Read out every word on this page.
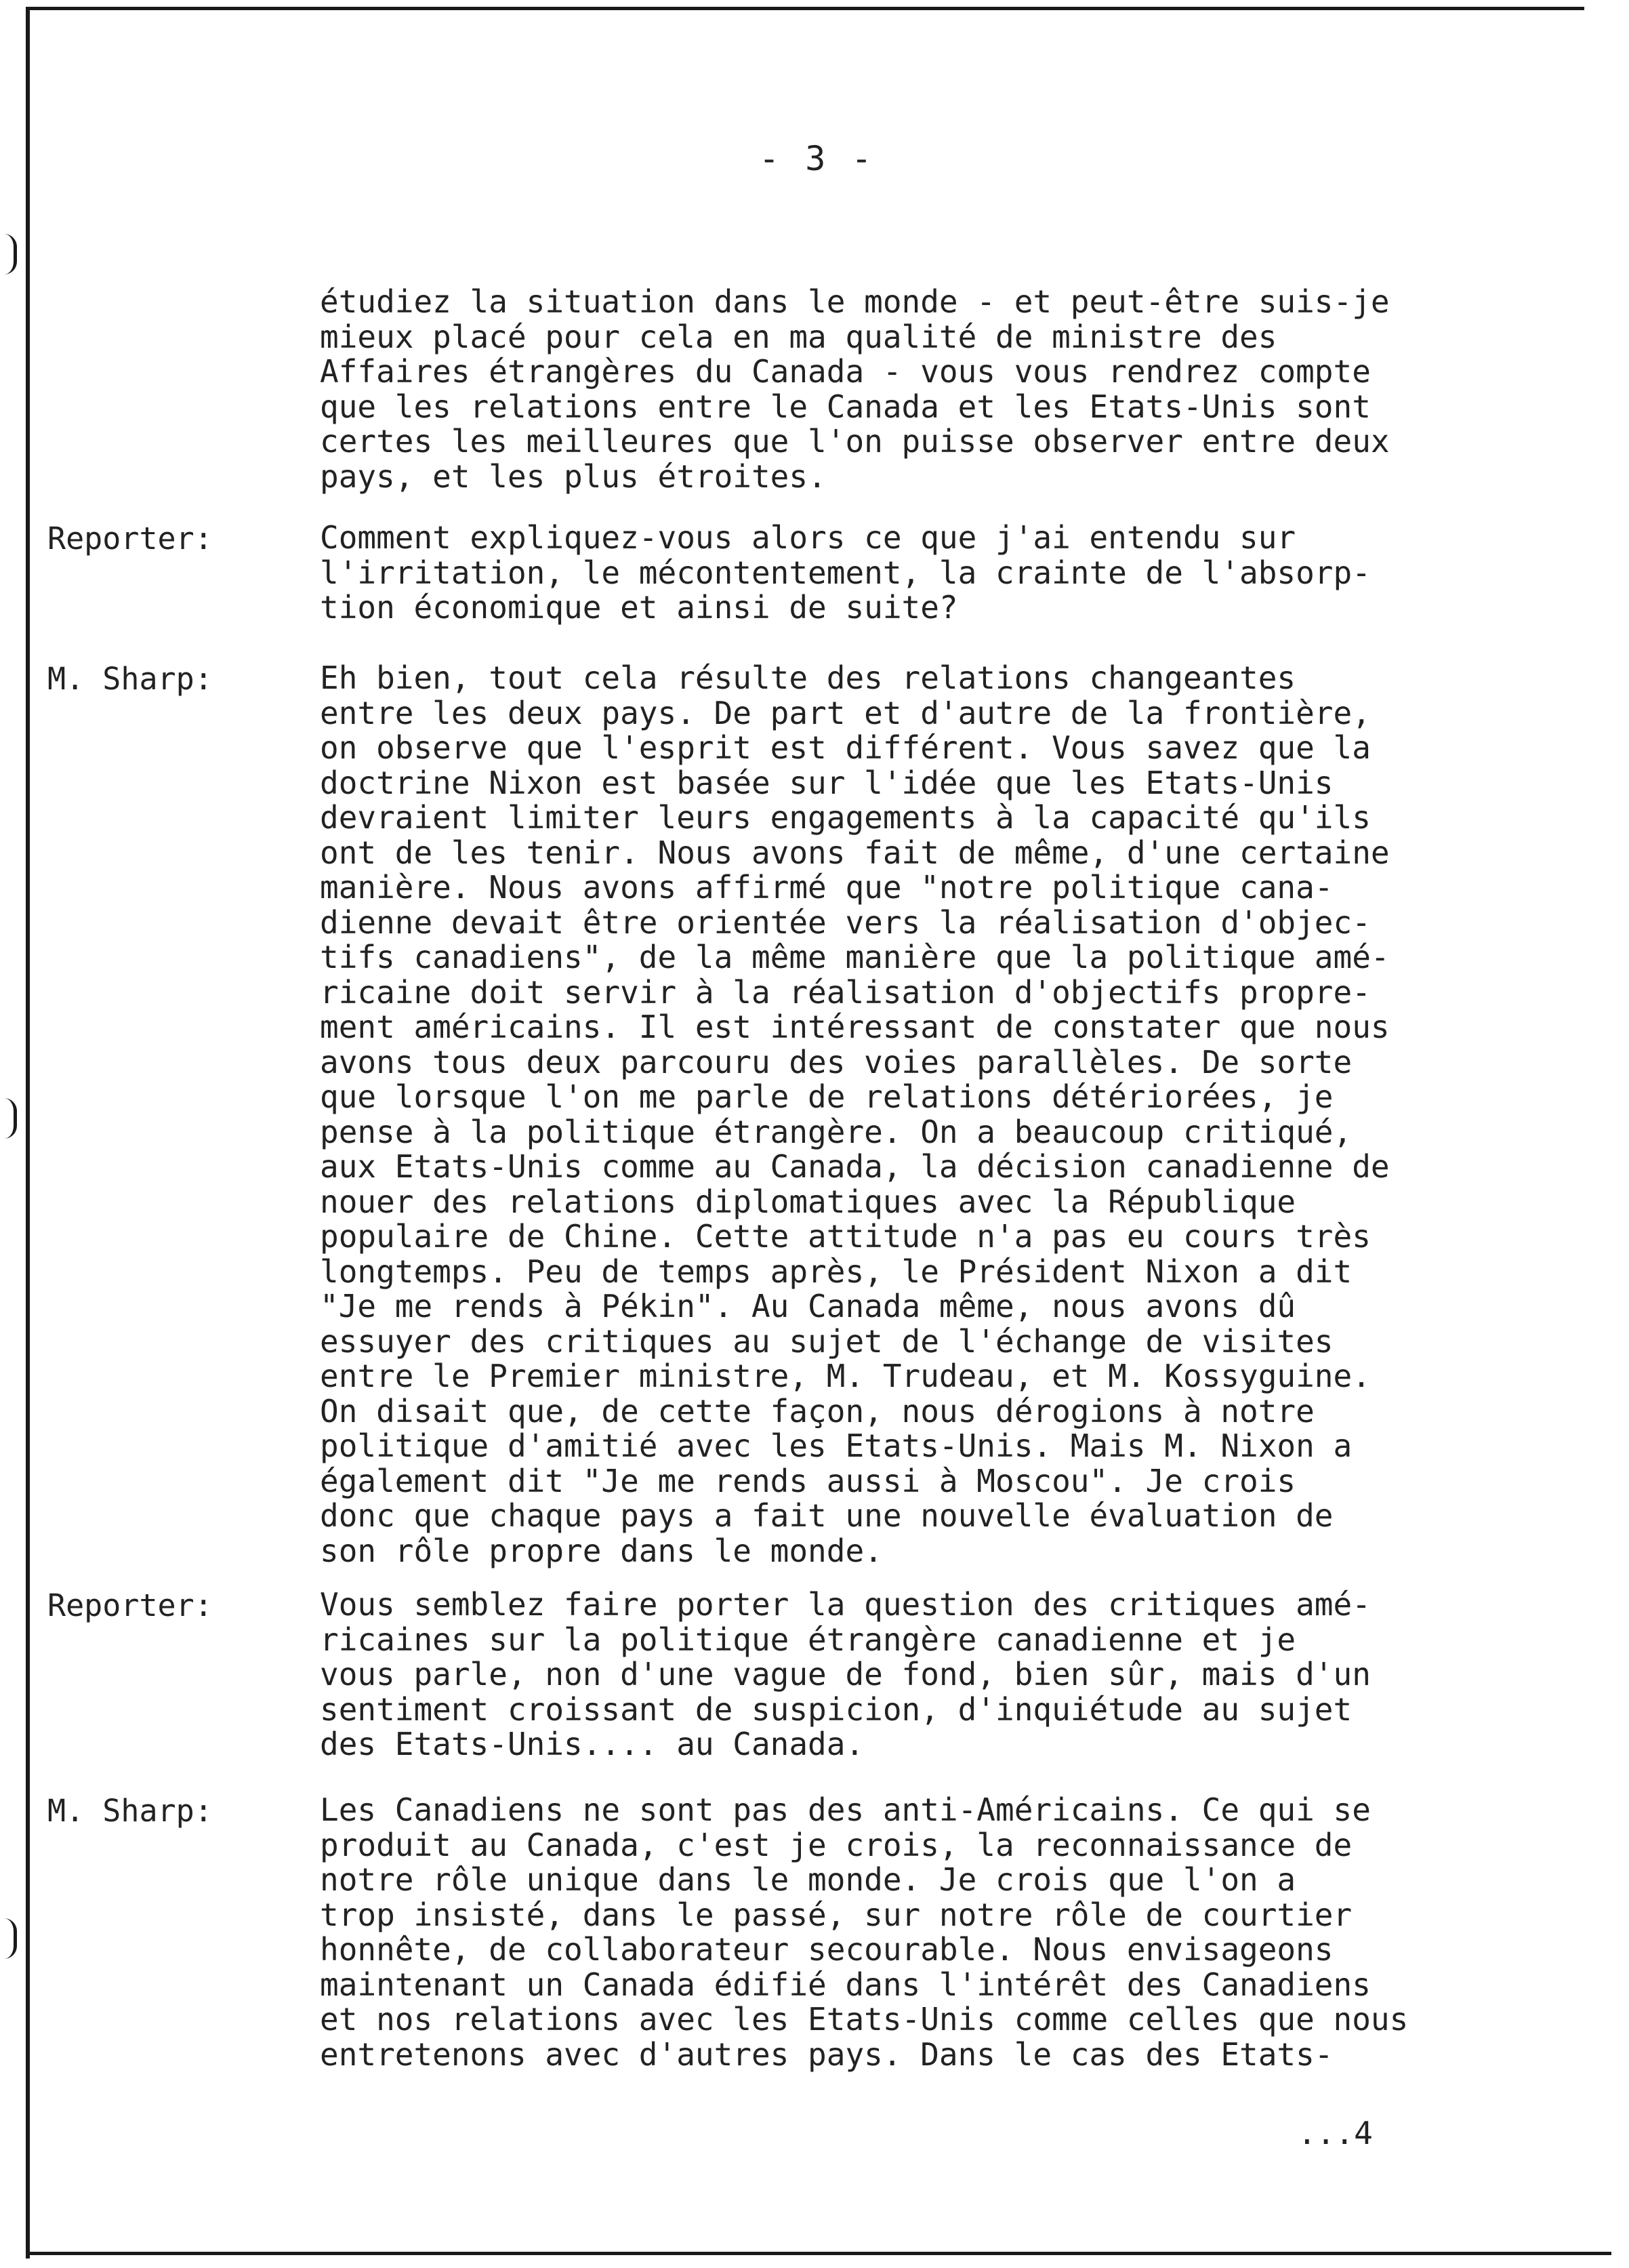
- 3 -
étudiez la situation dans le monde - et peut-être suis-je
mieux placé pour cela en ma qualité de ministre des
Affaires étrangères du Canada - vous vous rendrez compte
que les relations entre le Canada et les Etats-Unis sont
certes les meilleures que l'on puisse observer entre deux
pays, et les plus étroites.
Reporter:	Comment expliquez-vous alors ce que j'ai entendu sur
l'irritation, le mécontentement, la crainte de l'absorp-
tion économique et ainsi de suite?
M. Sharp:	Eh bien, tout cela résulte des relations changeantes
entre les deux pays. De part et d'autre de la frontière,
on observe que l'esprit est différent. Vous savez que la
doctrine Nixon est basée sur l'idée que les Etats-Unis
devraient limiter leurs engagements à la capacité qu'ils
ont de les tenir. Nous avons fait de même, d'une certaine
manière. Nous avons affirmé que "notre politique cana-
dienne devait être orientée vers la réalisation d'objec-
tifs canadiens", de la même manière que la politique amé-
ricaine doit servir à la réalisation d'objectifs propre-
ment américains. Il est intéressant de constater que nous
avons tous deux parcouru des voies parallèles. De sorte
que lorsque l'on me parle de relations détériorées, je
pense à la politique étrangère. On a beaucoup critiqué,
aux Etats-Unis comme au Canada, la décision canadienne de
nouer des relations diplomatiques avec la République
populaire de Chine. Cette attitude n'a pas eu cours très
longtemps. Peu de temps après, le Président Nixon a dit
"Je me rends à Pékin". Au Canada même, nous avons dû
essuyer des critiques au sujet de l'échange de visites
entre le Premier ministre, M. Trudeau, et M. Kossyguine.
On disait que, de cette façon, nous dérogions à notre
politique d'amitié avec les Etats-Unis. Mais M. Nixon a
également dit "Je me rends aussi à Moscou". Je crois
donc que chaque pays a fait une nouvelle évaluation de
son rôle propre dans le monde.
Reporter:	Vous semblez faire porter la question des critiques amé-
ricaines sur la politique étrangère canadienne et je
vous parle, non d'une vague de fond, bien sûr, mais d'un
sentiment croissant de suspicion, d'inquiétude au sujet
des Etats-Unis.... au Canada.
M. Sharp:	Les Canadiens ne sont pas des anti-Américains. Ce qui se
produit au Canada, c'est je crois, la reconnaissance de
notre rôle unique dans le monde. Je crois que l'on a
trop insisté, dans le passé, sur notre rôle de courtier
honnête, de collaborateur secourable. Nous envisageons
maintenant un Canada édifié dans l'intérêt des Canadiens
et nos relations avec les Etats-Unis comme celles que nous
entretenons avec d'autres pays. Dans le cas des Etats-
...4
